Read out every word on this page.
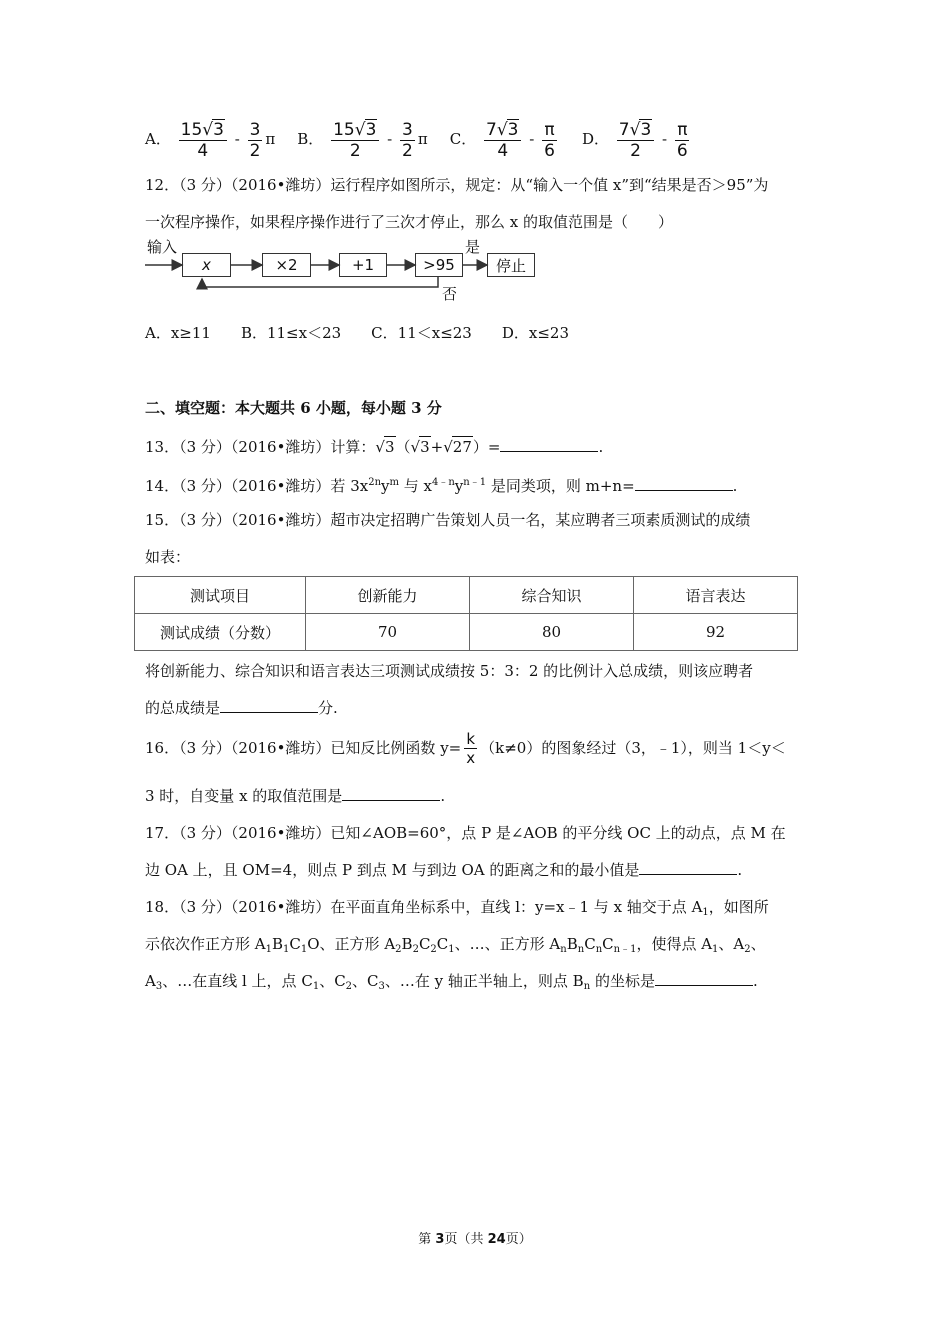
A． $\frac{15√3}{4} - \frac{3}{2}$ π B． $\frac{15√3}{2} - \frac{3}{2}$ π C． $\frac{7√3}{4} - \frac{\pi}{6}$ D． $\frac{7√3}{2} - \frac{\pi}{6}$
12．（3 分）（2016•潍坊）运行程序如图所示，规定：从“输入一个值 x”到“结果是否＞95”为
一次程序操作，如果程序操作进行了三次才停止，那么 x 的取值范围是（　　）
输入
x	×2	+1	>95	停止
是
否
A．x≥11　　B．11≤x＜23　　C．11＜x≤23　　D．x≤23
二、填空题：本大题共 6 小题，每小题 3 分
13．（3 分）（2016•潍坊）计算：√3（√3+√27）=	.
14．（3 分）（2016•潍坊）若 $3x^{2n}y^m$ 与 $x^{4﹣n}y^{n﹣1}$ 是同类项，则 m+n=	.
15．（3 分）（2016•潍坊）超市决定招聘广告策划人员一名，某应聘者三项素质测试的成绩
如表：
测试项目	创新能力	综合知识	语言表达
测试成绩（分数）	70	80	92
将创新能力、综合知识和语言表达三项测试成绩按 5：3：2 的比例计入总成绩，则该应聘者
的总成绩是	分.
16．（3 分）（2016•潍坊）已知反比例函数 $y= \frac{k}{x} (k\ne 0)$的图象经过（3，﹣1），则当 1＜y＜
3 时，自变量 x 的取值范围是	.
17．（3 分）（2016•潍坊）已知∠AOB=60°，点 P 是∠AOB 的平分线 OC 上的动点，点 M 在
边 OA 上，且 OM=4，则点 P 到点 M 与到边 OA 的距离之和的最小值是	.
18．（3 分）（2016•潍坊）在平面直角坐标系中，直线 l：y=x﹣1 与 x 轴交于点 $A_1$，如图所
示依次作正方形 $A_1B_1C_1O$、正方形 $A_2B_2C_2C_1$、…、正方形 $A_nB_nC_nC_{n﹣1}$，使得点 $A_1$、$A_2$、
$A_3$、…在直线 l 上，点 $C_1$、$C_2$、$C_3$、…在 y 轴正半轴上，则点 $B_n$ 的坐标是	.
第 3页（共 24页）
